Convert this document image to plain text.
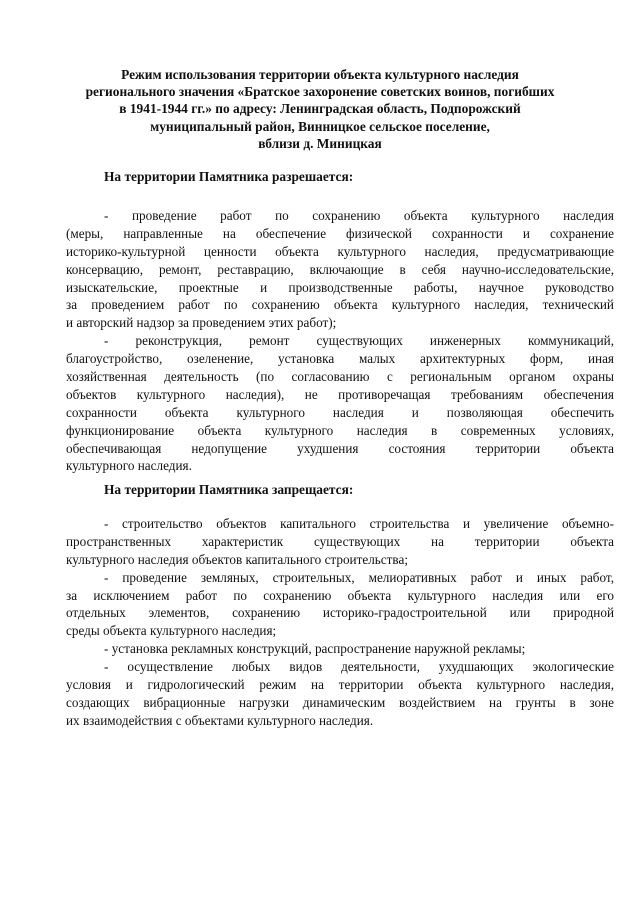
Режим использования территории объекта культурного наследия
регионального значения «Братское захоронение советских воинов, погибших
в 1941-1944 гг.» по адресу: Ленинградская область, Подпорожский
муниципальный район, Винницкое сельское поселение,
вблизи д. Миницкая
На территории Памятника разрешается:
- проведение работ по сохранению объекта культурного наследия
(меры, направленные на обеспечение физической сохранности и сохранение
историко-культурной ценности объекта культурного наследия, предусматривающие
консервацию, ремонт, реставрацию, включающие в себя научно-исследовательские,
изыскательские, проектные и производственные работы, научное руководство
за проведением работ по сохранению объекта культурного наследия, технический
и авторский надзор за проведением этих работ);
- реконструкция, ремонт существующих инженерных коммуникаций,
благоустройство, озеленение, установка малых архитектурных форм, иная
хозяйственная деятельность (по согласованию с региональным органом охраны
объектов культурного наследия), не противоречащая требованиям обеспечения
сохранности объекта культурного наследия и позволяющая обеспечить
функционирование объекта культурного наследия в современных условиях,
обеспечивающая недопущение ухудшения состояния территории объекта
культурного наследия.
На территории Памятника запрещается:
- строительство объектов капитального строительства и увеличение объемно-
пространственных характеристик существующих на территории объекта
культурного наследия объектов капитального строительства;
- проведение земляных, строительных, мелиоративных работ и иных работ,
за исключением работ по сохранению объекта культурного наследия или его
отдельных элементов, сохранению историко-градостроительной или природной
среды объекта культурного наследия;
- установка рекламных конструкций, распространение наружной рекламы;
- осуществление любых видов деятельности, ухудшающих экологические
условия и гидрологический режим на территории объекта культурного наследия,
создающих вибрационные нагрузки динамическим воздействием на грунты в зоне
их взаимодействия с объектами культурного наследия.
